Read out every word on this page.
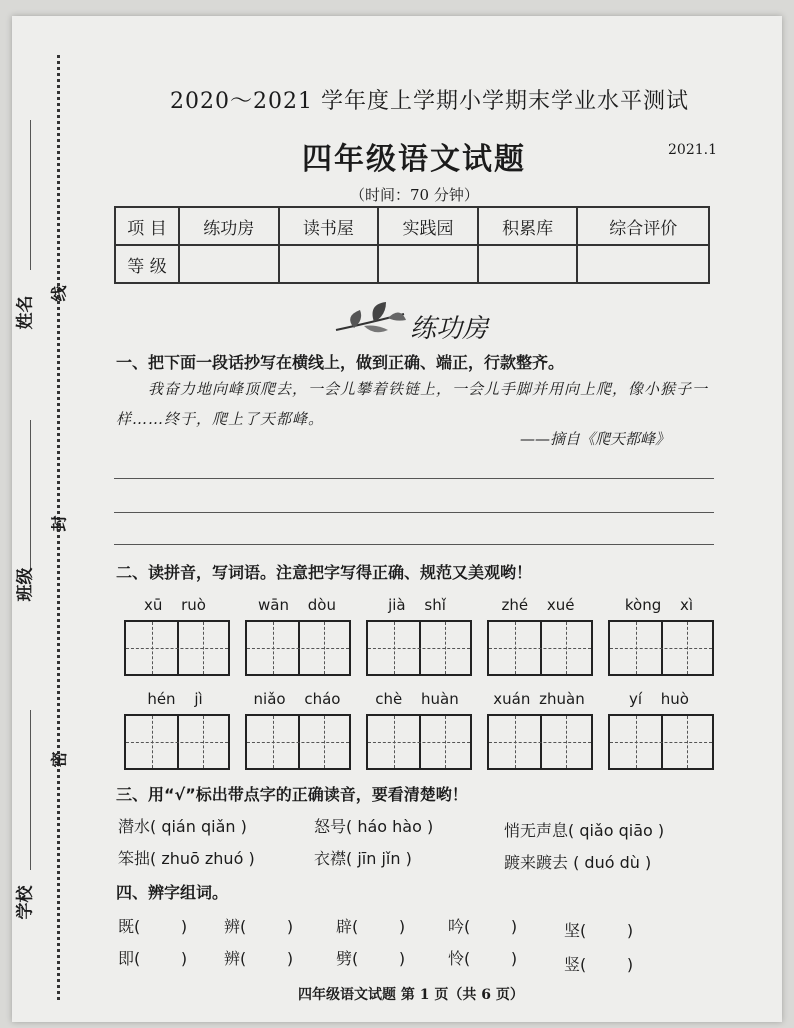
姓名
班级
学校
线
封
密
2020～2021 学年度上学期小学期末学业水平测试
四年级语文试题	2021.1
（时间：70 分钟）
项 目	练功房	读书屋	实践园	积累库	综合评价
等 级					
练功房
一、把下面一段话抄写在横线上，做到正确、端正，行款整齐。
我奋力地向峰顶爬去，一会儿攀着铁链上，一会儿手脚并用向上爬，像小猴子一样……终于，爬上了天都峰。
——摘自《爬天都峰》
二、读拼音，写词语。注意把字写得正确、规范又美观哟！
xū ruò	wān dòu	jià shǐ	zhé xué	kòng xì
hén jì	niǎo cháo	chè huàn	xuán zhuàn	yí huò
三、用“√”标出带点字的正确读音，要看清楚哟！
潜水( qián qiǎn )	怒号( háo hào )	悄无声息( qiǎo qiāo )
笨拙( zhuō zhuó )	衣襟( jīn jǐn )	踱来踱去 ( duó dù )
四、辨字组词。
既(        ) 辨(        )	辟(        )	吟(        )	坚(        )
即(        ) 辨(        )	劈(        )	怜(        )	竖(        )
四年级语文试题 第 1 页（共 6 页）
